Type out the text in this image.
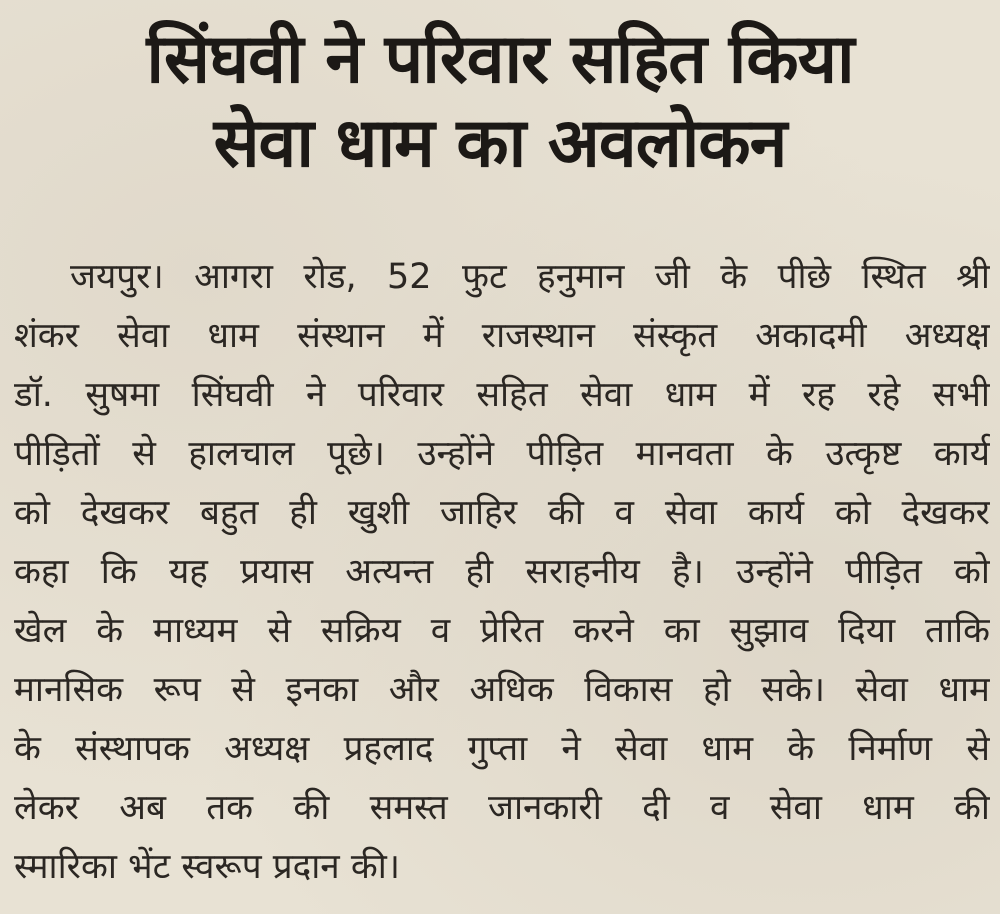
सिंघवी ने परिवार सहित किया
सेवा धाम का अवलोकन
जयपुर। आगरा रोड, 52 फुट हनुमान जी के पीछे स्थित श्री
शंकर सेवा धाम संस्थान में राजस्थान संस्कृत अकादमी अध्यक्ष
डॉ. सुषमा सिंघवी ने परिवार सहित सेवा धाम में रह रहे सभी
पीड़ितों से हालचाल पूछे। उन्होंने पीड़ित मानवता के उत्कृष्ट कार्य
को देखकर बहुत ही खुशी जाहिर की व सेवा कार्य को देखकर
कहा कि यह प्रयास अत्यन्त ही सराहनीय है। उन्होंने पीड़ित को
खेल के माध्यम से सक्रिय व प्रेरित करने का सुझाव दिया ताकि
मानसिक रूप से इनका और अधिक विकास हो सके। सेवा धाम
के संस्थापक अध्यक्ष प्रहलाद गुप्ता ने सेवा धाम के निर्माण से
लेकर अब तक की समस्त जानकारी दी व सेवा धाम की
स्मारिका भेंट स्वरूप प्रदान की।
